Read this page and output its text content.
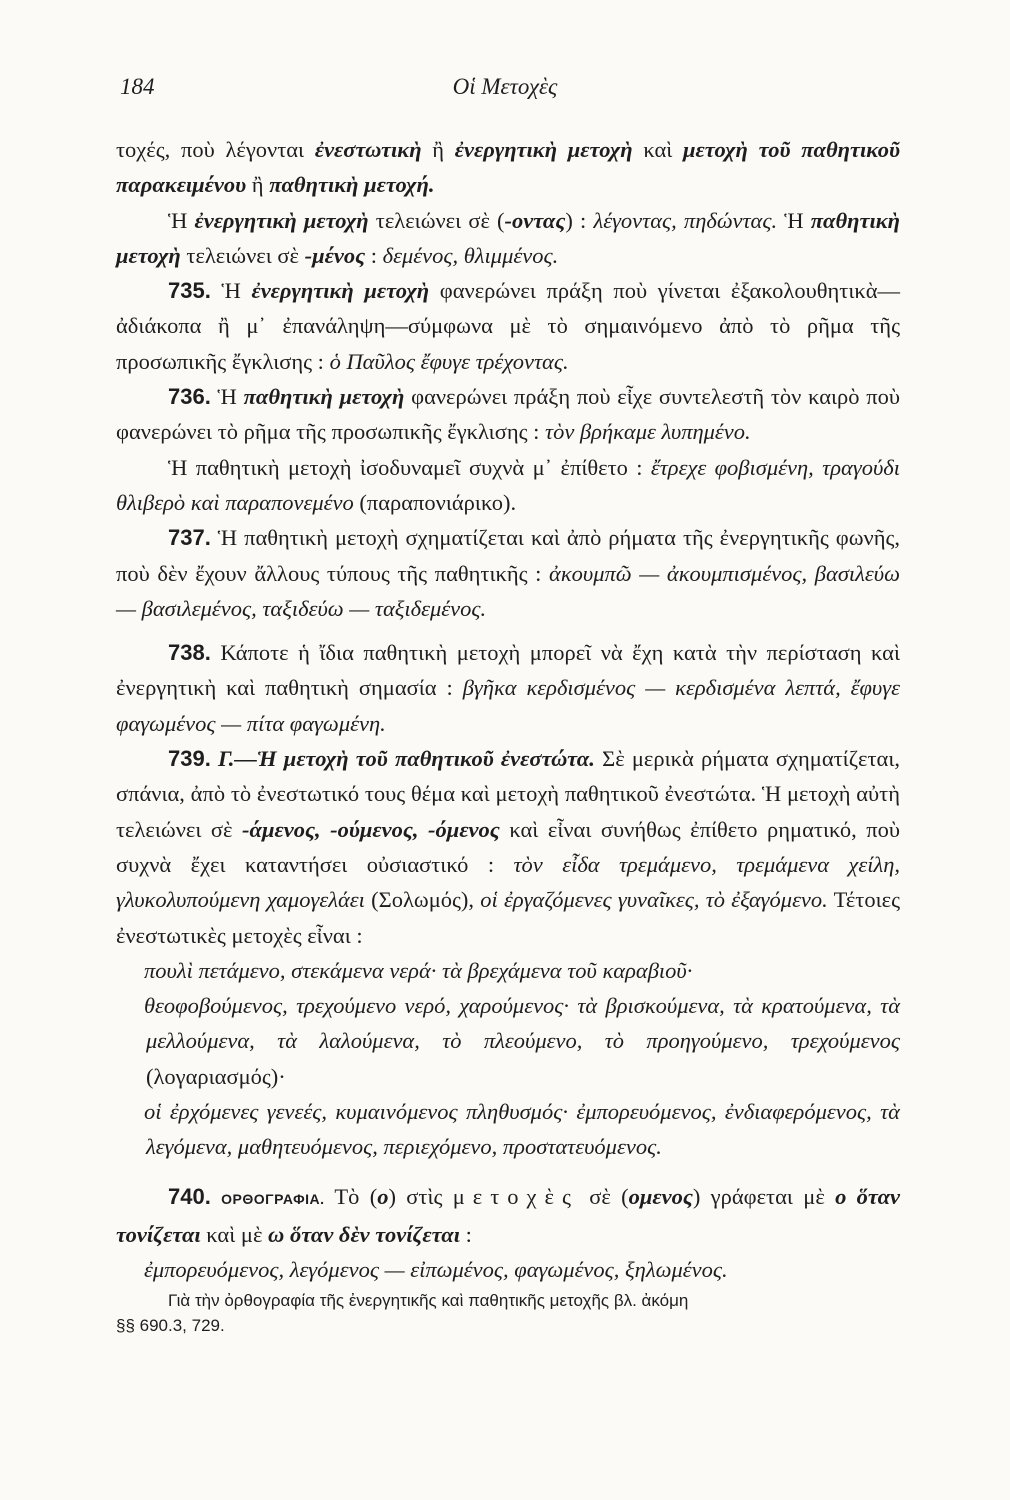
184	Οἱ Μετοχὲς

τοχές, ποὺ λέγονται ἐνεστωτικὴ ἢ ἐνεργητικὴ μετοχὴ καὶ μετοχὴ τοῦ παθητικοῦ παρακειμένου ἢ παθητικὴ μετοχή.

Ἡ ἐνεργητικὴ μετοχὴ τελειώνει σὲ (-οντας) : λέγοντας, πηδώντας. Ἡ παθητικὴ μετοχὴ τελειώνει σὲ -μένος : δεμένος, θλιμμένος.

735. Ἡ ἐνεργητικὴ μετοχὴ φανερώνει πράξη ποὺ γίνεται ἐξακολουθητικὰ—ἀδιάκοπα ἢ μ᾽ ἐπανάληψη—σύμφωνα μὲ τὸ σημαινόμενο ἀπὸ τὸ ρῆμα τῆς προσωπικῆς ἔγκλισης : ὁ Παῦλος ἔφυγε τρέχοντας.

736. Ἡ παθητικὴ μετοχὴ φανερώνει πράξη ποὺ εἶχε συντελεστῆ τὸν καιρὸ ποὺ φανερώνει τὸ ρῆμα τῆς προσωπικῆς ἔγκλισης : τὸν βρήκαμε λυπημένο.

Ἡ παθητικὴ μετοχὴ ἰσοδυναμεῖ συχνὰ μ᾽ ἐπίθετο : ἔτρεχε φοβισμένη, τραγούδι θλιβερὸ καὶ παραπονεμένο (παραπονιάρικο).

737. Ἡ παθητικὴ μετοχὴ σχηματίζεται καὶ ἀπὸ ρήματα τῆς ἐνεργητικῆς φωνῆς, ποὺ δὲν ἔχουν ἄλλους τύπους τῆς παθητικῆς : ἀκουμπῶ — ἀκουμπισμένος, βασιλεύω — βασιλεμένος, ταξιδεύω — ταξιδεμένος.

738. Κάποτε ἡ ἴδια παθητικὴ μετοχὴ μπορεῖ νὰ ἔχη κατὰ τὴν περίσταση καὶ ἐνεργητικὴ καὶ παθητικὴ σημασία : βγῆκα κερδισμένος — κερδισμένα λεπτά, ἔφυγε φαγωμένος — πίτα φαγωμένη.

739. Γ.—Ἡ μετοχὴ τοῦ παθητικοῦ ἐνεστώτα. Σὲ μερικὰ ρήματα σχηματίζεται, σπάνια, ἀπὸ τὸ ἐνεστωτικό τους θέμα καὶ μετοχὴ παθητικοῦ ἐνεστώτα. Ἡ μετοχὴ αὐτὴ τελειώνει σὲ -άμενος, -ούμενος, -όμενος καὶ εἶναι συνήθως ἐπίθετο ρηματικό, ποὺ συχνὰ ἔχει καταντήσει οὐσιαστικό : τὸν εἶδα τρεμάμενο, τρεμάμενα χείλη, γλυκολυπούμενη χαμογελάει (Σολωμός), οἱ ἐργαζόμενες γυναῖκες, τὸ ἐξαγόμενο. Τέτοιες ἐνεστωτικὲς μετοχὲς εἶναι :

πουλὶ πετάμενο, στεκάμενα νερά· τὰ βρεχάμενα τοῦ καραβιοῦ·

θεοφοβούμενος, τρεχούμενο νερό, χαρούμενος· τὰ βρισκούμενα, τὰ κρατούμενα, τὰ μελλούμενα, τὰ λαλούμενα, τὸ πλεούμενο, τὸ προηγούμενο, τρεχούμενος (λογαριασμός)·

οἱ ἐρχόμενες γενεές, κυμαινόμενος πληθυσμός· ἐμπορευόμενος, ἐνδιαφερόμενος, τὰ λεγόμενα, μαθητευόμενος, περιεχόμενο, προστατευόμενος.

740. ΟΡΘΟΓΡΑΦΙΑ. Τὸ (ο) στὶς μετοχὲς σὲ (ομενος) γράφεται μὲ ο ὅταν τονίζεται καὶ μὲ ω ὅταν δὲν τονίζεται :

ἐμπορευόμενος, λεγόμενος — εἰπωμένος, φαγωμένος, ξηλωμένος.

Γιὰ τὴν ὀρθογραφία τῆς ἐνεργητικῆς καὶ παθητικῆς μετοχῆς βλ. ἀκόμη

§§ 690.3, 729.
